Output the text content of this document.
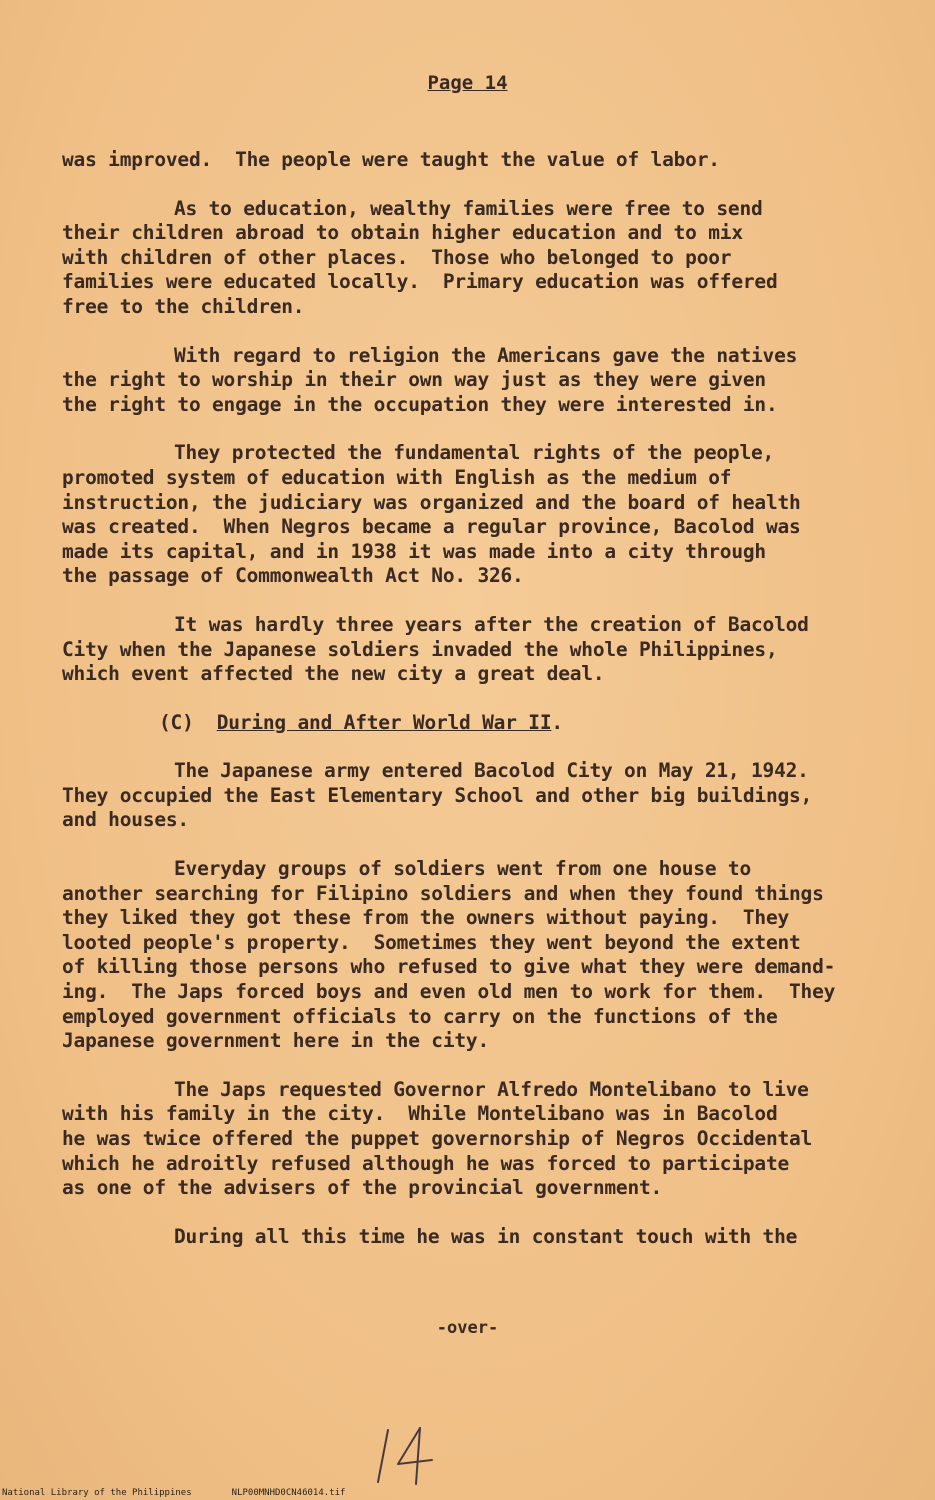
Page 14

was improved.  The people were taught the value of labor.

As to education, wealthy families were free to send

their children abroad to obtain higher education and to mix

with children of other places.  Those who belonged to poor

families were educated locally.  Primary education was offered

free to the children.

With regard to religion the Americans gave the natives

the right to worship in their own way just as they were given

the right to engage in the occupation they were interested in.

They protected the fundamental rights of the people,

promoted system of education with English as the medium of

instruction, the judiciary was organized and the board of health

was created.  When Negros became a regular province, Bacolod was

made its capital, and in 1938 it was made into a city through

the passage of Commonwealth Act No. 326.

It was hardly three years after the creation of Bacolod

City when the Japanese soldiers invaded the whole Philippines,

which event affected the new city a great deal.

(C) During and After World War II.

The Japanese army entered Bacolod City on May 21, 1942.

They occupied the East Elementary School and other big buildings,

and houses.

Everyday groups of soldiers went from one house to

another searching for Filipino soldiers and when they found things

they liked they got these from the owners without paying.  They

looted people's property.  Sometimes they went beyond the extent

of killing those persons who refused to give what they were demand-

ing.  The Japs forced boys and even old men to work for them.  They

employed government officials to carry on the functions of the

Japanese government here in the city.

The Japs requested Governor Alfredo Montelibano to live

with his family in the city.  While Montelibano was in Bacolod

he was twice offered the puppet governorship of Negros Occidental

which he adroitly refused although he was forced to participate

as one of the advisers of the provincial government.

During all this time he was in constant touch with the

-over-
National Library of the Philippines	NLP00MNHD0CN46014.tif
